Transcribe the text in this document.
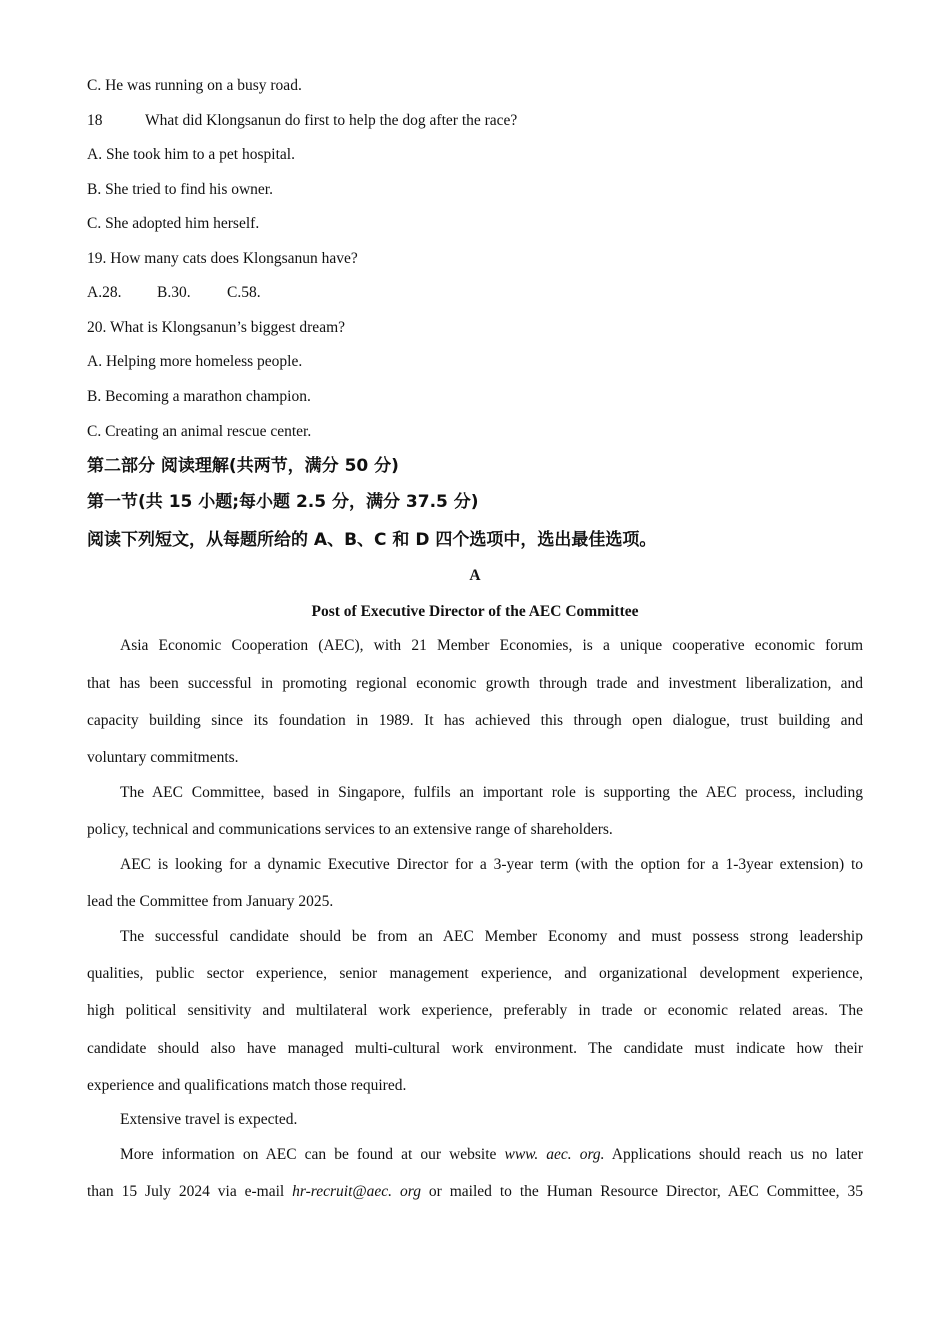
C. He was running on a busy road.
18	What did Klongsanun do first to help the dog after the race?
A. She took him to a pet hospital.
B. She tried to find his owner.
C. She adopted him herself.
19. How many cats does Klongsanun have?
A.28. B.30. C.58.
20. What is Klongsanun’s biggest dream?
A. Helping more homeless people.
B. Becoming a marathon champion.
C. Creating an animal rescue center.
第二部分 阅读理解(共两节，满分 50 分)
第一节(共 15 小题;每小题 2.5 分，满分 37.5 分)
阅读下列短文，从每题所给的 A、B、C 和 D 四个选项中，选出最佳选项。
A
Post of Executive Director of the AEC Committee
Asia Economic Cooperation (AEC), with 21 Member Economies, is a unique cooperative economic forum
that has been successful in promoting regional economic growth through trade and investment liberalization, and
capacity building since its foundation in 1989. It has achieved this through open dialogue, trust building and
voluntary commitments.
The AEC Committee, based in Singapore, fulfils an important role is supporting the AEC process, including
policy, technical and communications services to an extensive range of shareholders.
AEC is looking for a dynamic Executive Director for a 3-year term (with the option for a 1-3year extension) to
lead the Committee from January 2025.
The successful candidate should be from an AEC Member Economy and must possess strong leadership
qualities, public sector experience, senior management experience, and organizational development experience,
high political sensitivity and multilateral work experience, preferably in trade or economic related areas. The
candidate should also have managed multi-cultural work environment. The candidate must indicate how their
experience and qualifications match those required.
Extensive travel is expected.
More information on AEC can be found at our website www. aec. org. Applications should reach us no later
than 15 July 2024 via e-mail hr-recruit@aec. org or mailed to the Human Resource Director, AEC Committee, 35
